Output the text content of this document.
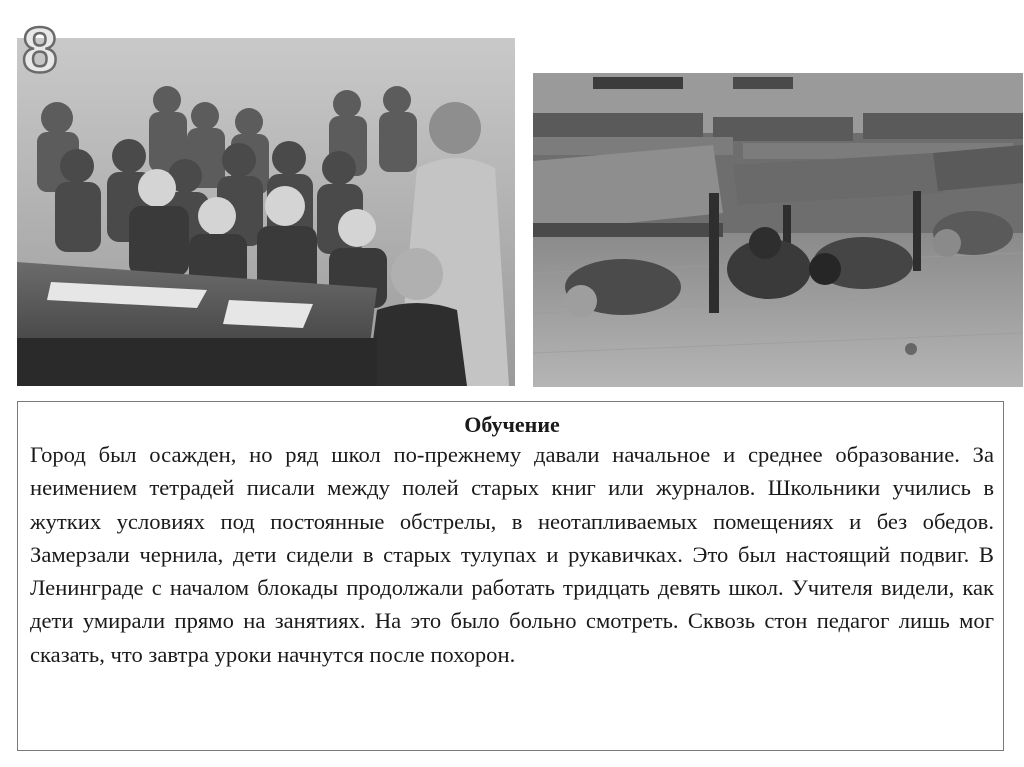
8
Обучение

Город был осажден, но ряд школ по-прежнему давали начальное и среднее образование. За неимением тетрадей писали между полей старых книг или журналов. Школьники учились в жутких условиях под постоянные обстрелы, в неотапливаемых помещениях и без обедов. Замерзали чернила, дети сидели в старых тулупах и рукавичках. Это был настоящий подвиг. В Ленинграде с началом блокады продолжали работать тридцать девять школ. Учителя видели, как дети умирали прямо на занятиях. На это было больно смотреть. Сквозь стон педагог лишь мог сказать, что завтра уроки начнутся после похорон.
